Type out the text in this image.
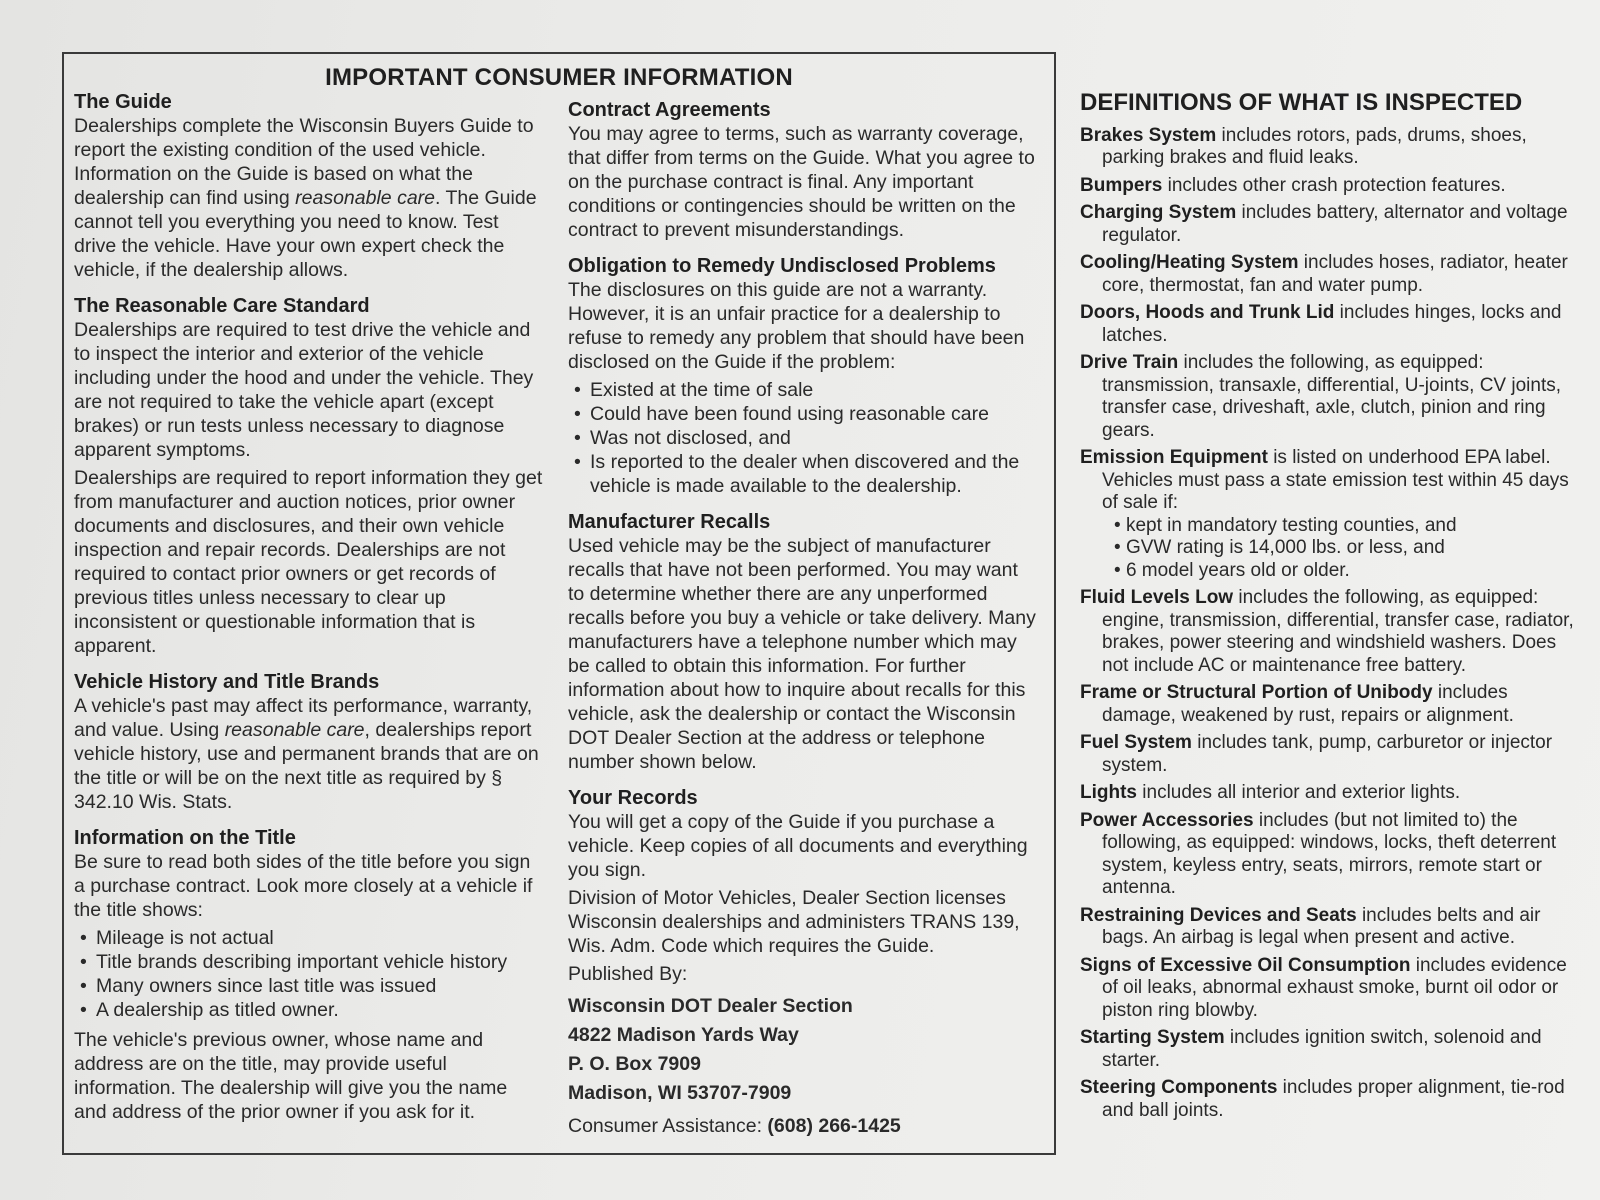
IMPORTANT CONSUMER INFORMATION

The Guide

Dealerships complete the Wisconsin Buyers Guide to report the existing condition of the used vehicle. Information on the Guide is based on what the dealership can find using reasonable care. The Guide cannot tell you everything you need to know. Test drive the vehicle. Have your own expert check the vehicle, if the dealership allows.

The Reasonable Care Standard

Dealerships are required to test drive the vehicle and to inspect the interior and exterior of the vehicle including under the hood and under the vehicle. They are not required to take the vehicle apart (except brakes) or run tests unless necessary to diagnose apparent symptoms.

Dealerships are required to report information they get from manufacturer and auction notices, prior owner documents and disclosures, and their own vehicle inspection and repair records. Dealerships are not required to contact prior owners or get records of previous titles unless necessary to clear up inconsistent or questionable information that is apparent.

Vehicle History and Title Brands

A vehicle's past may affect its performance, warranty, and value. Using reasonable care, dealerships report vehicle history, use and permanent brands that are on the title or will be on the next title as required by § 342.10 Wis. Stats.

Information on the Title

Be sure to read both sides of the title before you sign a purchase contract. Look more closely at a vehicle if the title shows:

• Mileage is not actual
• Title brands describing important vehicle history
• Many owners since last title was issued
• A dealership as titled owner.

The vehicle's previous owner, whose name and address are on the title, may provide useful information. The dealership will give you the name and address of the prior owner if you ask for it.

Contract Agreements

You may agree to terms, such as warranty coverage, that differ from terms on the Guide. What you agree to on the purchase contract is final. Any important conditions or contingencies should be written on the contract to prevent misunderstandings.

Obligation to Remedy Undisclosed Problems

The disclosures on this guide are not a warranty. However, it is an unfair practice for a dealership to refuse to remedy any problem that should have been disclosed on the Guide if the problem:

• Existed at the time of sale
• Could have been found using reasonable care
• Was not disclosed, and
• Is reported to the dealer when discovered and the vehicle is made available to the dealership.

Manufacturer Recalls

Used vehicle may be the subject of manufacturer recalls that have not been performed. You may want to determine whether there are any unperformed recalls before you buy a vehicle or take delivery. Many manufacturers have a telephone number which may be called to obtain this information. For further information about how to inquire about recalls for this vehicle, ask the dealership or contact the Wisconsin DOT Dealer Section at the address or telephone number shown below.

Your Records

You will get a copy of the Guide if you purchase a vehicle. Keep copies of all documents and everything you sign.

Division of Motor Vehicles, Dealer Section licenses Wisconsin dealerships and administers TRANS 139, Wis. Adm. Code which requires the Guide.

Published By:

Wisconsin DOT Dealer Section
4822 Madison Yards Way
P. O. Box 7909
Madison, WI 53707-7909

Consumer Assistance: (608) 266-1425

DEFINITIONS OF WHAT IS INSPECTED

Brakes System includes rotors, pads, drums, shoes, parking brakes and fluid leaks.
Bumpers includes other crash protection features.
Charging System includes battery, alternator and voltage regulator.
Cooling/Heating System includes hoses, radiator, heater core, thermostat, fan and water pump.
Doors, Hoods and Trunk Lid includes hinges, locks and latches.
Drive Train includes the following, as equipped: transmission, transaxle, differential, U-joints, CV joints, transfer case, driveshaft, axle, clutch, pinion and ring gears.
Emission Equipment is listed on underhood EPA label. Vehicles must pass a state emission test within 45 days of sale if:
• kept in mandatory testing counties, and
• GVW rating is 14,000 lbs. or less, and
• 6 model years old or older.
Fluid Levels Low includes the following, as equipped: engine, transmission, differential, transfer case, radiator, brakes, power steering and windshield washers. Does not include AC or maintenance free battery.
Frame or Structural Portion of Unibody includes damage, weakened by rust, repairs or alignment.
Fuel System includes tank, pump, carburetor or injector system.
Lights includes all interior and exterior lights.
Power Accessories includes (but not limited to) the following, as equipped: windows, locks, theft deterrent system, keyless entry, seats, mirrors, remote start or antenna.
Restraining Devices and Seats includes belts and air bags. An airbag is legal when present and active.
Signs of Excessive Oil Consumption includes evidence of oil leaks, abnormal exhaust smoke, burnt oil odor or piston ring blowby.
Starting System includes ignition switch, solenoid and starter.
Steering Components includes proper alignment, tie-rod and ball joints.
